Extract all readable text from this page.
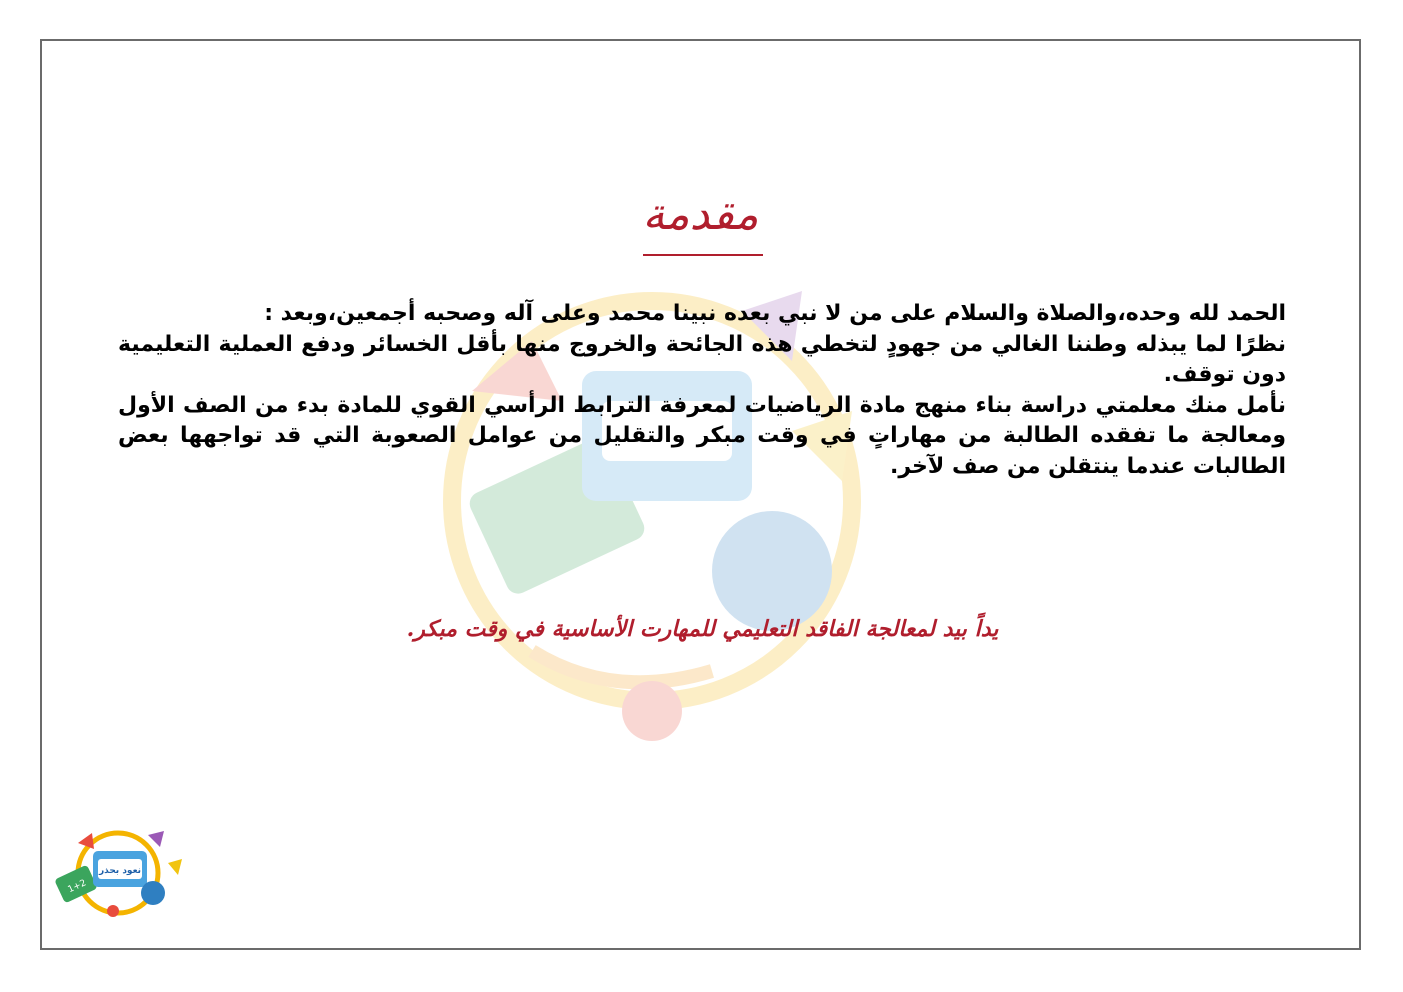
مقدمة

الحمد لله وحده،والصلاة والسلام على من لا نبي بعده نبينا محمد وعلى آله وصحبه أجمعين،وبعد :

نظرًا لما يبذله وطننا الغالي من جهودٍ لتخطي هذه الجائحة والخروج منها بأقل الخسائر ودفع العملية التعليمية دون توقف.

نأمل منك معلمتي دراسة بناء منهج مادة الرياضيات لمعرفة الترابط الرأسي القوي للمادة بدء من الصف الأول ومعالجة ما تفقده الطالبة من مهاراتٍ في وقت مبكر والتقليل من عوامل الصعوبة التي قد تواجهها بعض الطالبات عندما ينتقلن من صف لآخر.

يداً بيد لمعالجة الفاقد التعليمي للمهارت الأساسية في وقت مبكر.
1+2
نعود بحذر
